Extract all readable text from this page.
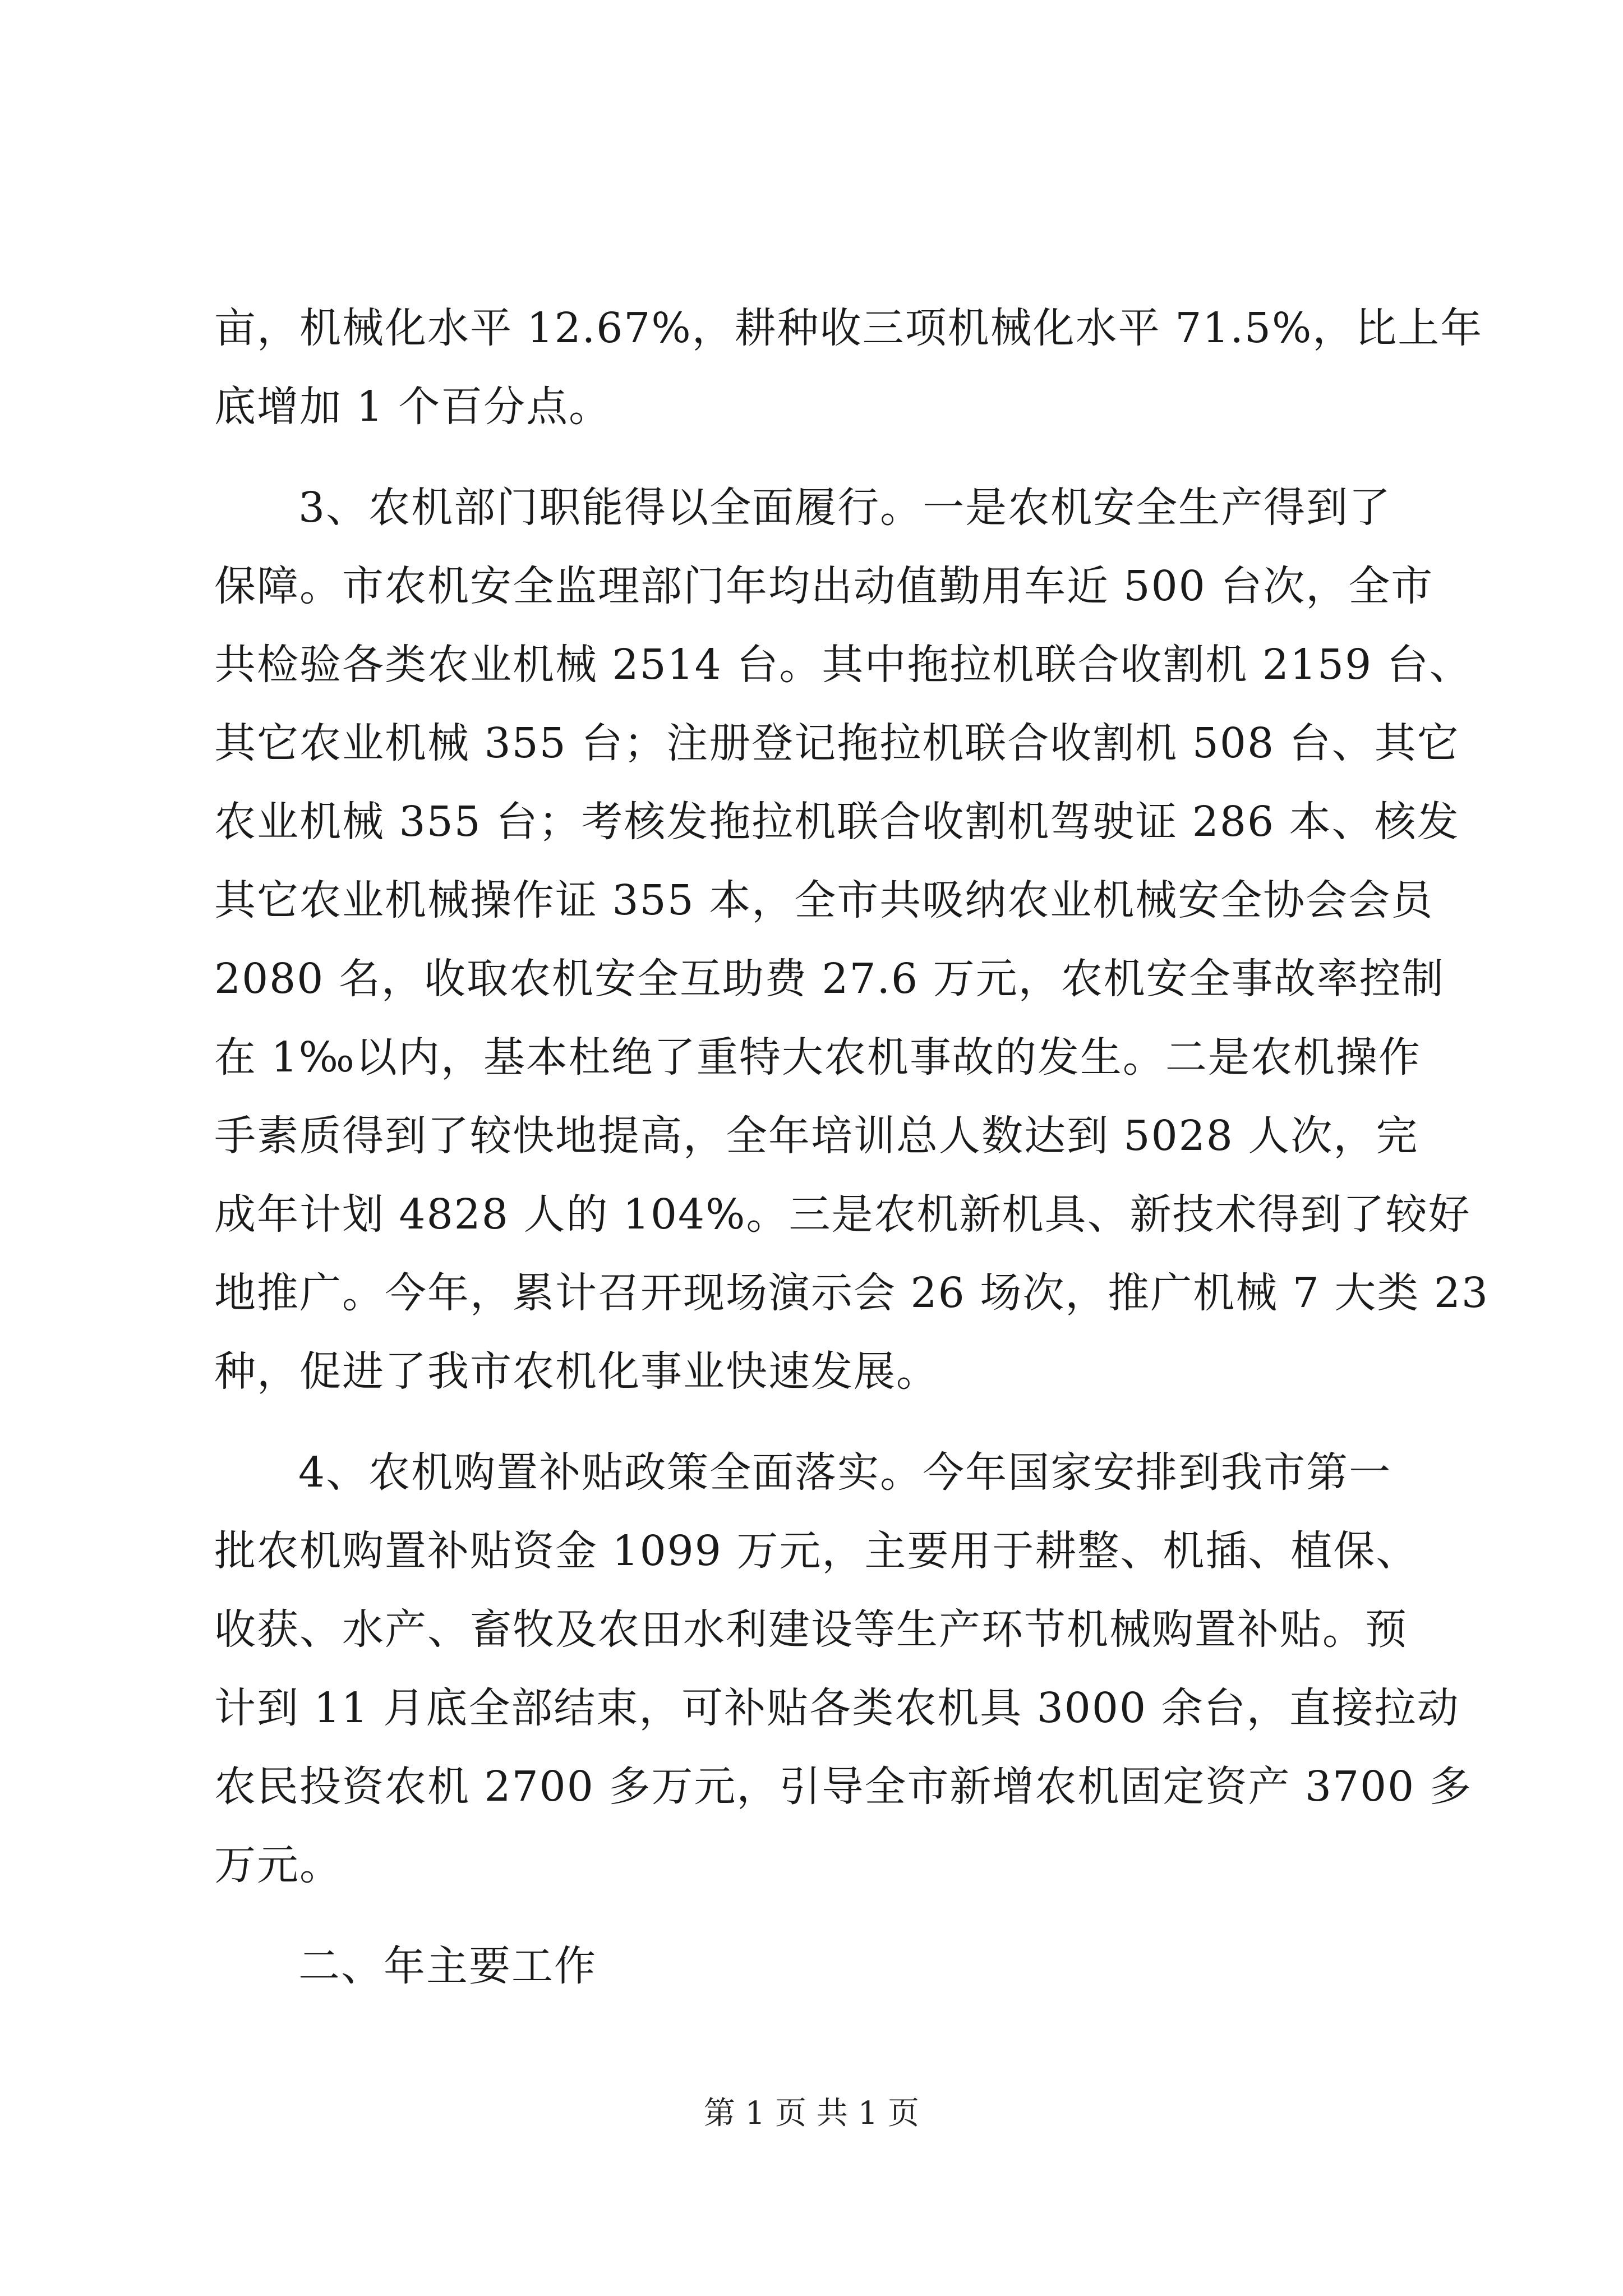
亩，机械化水平 12.67%，耕种收三项机械化水平 71.5%，比上年
底增加 1 个百分点。
3、农机部门职能得以全面履行。一是农机安全生产得到了
保障。市农机安全监理部门年均出动值勤用车近 500 台次，全市
共检验各类农业机械 2514 台。其中拖拉机联合收割机 2159 台、
其它农业机械 355 台；注册登记拖拉机联合收割机 508 台、其它
农业机械 355 台；考核发拖拉机联合收割机驾驶证 286 本、核发
其它农业机械操作证 355 本，全市共吸纳农业机械安全协会会员
2080 名，收取农机安全互助费 27.6 万元，农机安全事故率控制
在 1‰以内，基本杜绝了重特大农机事故的发生。二是农机操作
手素质得到了较快地提高，全年培训总人数达到 5028 人次，完
成年计划 4828 人的 104%。三是农机新机具、新技术得到了较好
地推广。今年，累计召开现场演示会 26 场次，推广机械 7 大类 23
种，促进了我市农机化事业快速发展。
4、农机购置补贴政策全面落实。今年国家安排到我市第一
批农机购置补贴资金 1099 万元，主要用于耕整、机插、植保、
收获、水产、畜牧及农田水利建设等生产环节机械购置补贴。预
计到 11 月底全部结束，可补贴各类农机具 3000 余台，直接拉动
农民投资农机 2700 多万元，引导全市新增农机固定资产 3700 多
万元。
二、年主要工作
第 1 页 共 1 页
